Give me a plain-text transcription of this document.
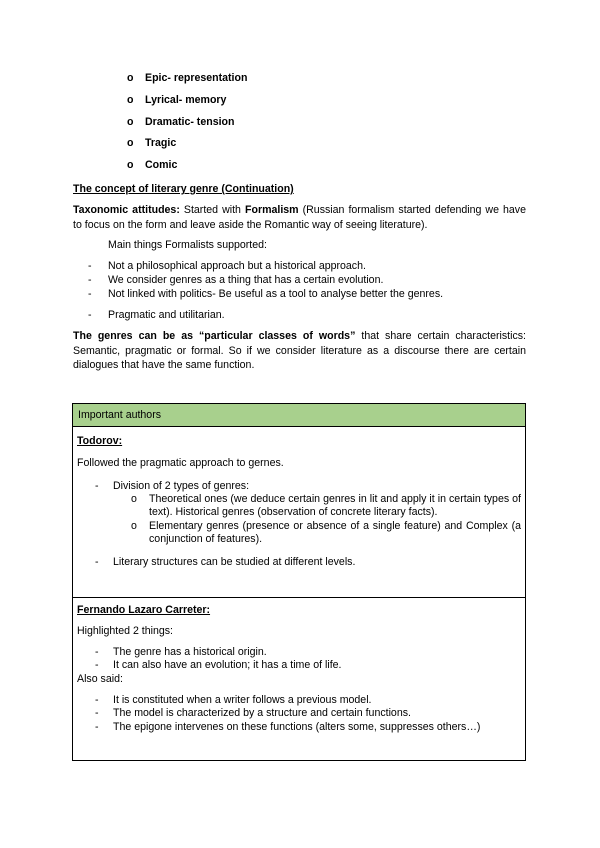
o Epic- representation
o Lyrical- memory
o Dramatic- tension
o Tragic
o Comic
The concept of literary genre (Continuation)

Taxonomic attitudes: Started with Formalism (Russian formalism started defending we have to focus on the form and leave aside the Romantic way of seeing literature).

Main things Formalists supported:
- Not a philosophical approach but a historical approach.
- We consider genres as a thing that has a certain evolution.
- Not linked with politics- Be useful as a tool to analyse better the genres.
- Pragmatic and utilitarian.

The genres can be as “particular classes of words” that share certain characteristics: Semantic, pragmatic or formal. So if we consider literature as a discourse there are certain dialogues that have the same function.

Important authors
Todorov:
Followed the pragmatic approach to gernes.
- Division of 2 types of genres:
o Theoretical ones (we deduce certain genres in lit and apply it in certain types of text). Historical genres (observation of concrete literary facts).
o Elementary genres (presence or absence of a single feature) and Complex (a conjunction of features).
- Literary structures can be studied at different levels.
Fernando Lazaro Carreter:
Highlighted 2 things:
- The genre has a historical origin.
- It can also have an evolution; it has a time of life.
Also said:
- It is constituted when a writer follows a previous model.
- The model is characterized by a structure and certain functions.
- The epigone intervenes on these functions (alters some, suppresses others…)
